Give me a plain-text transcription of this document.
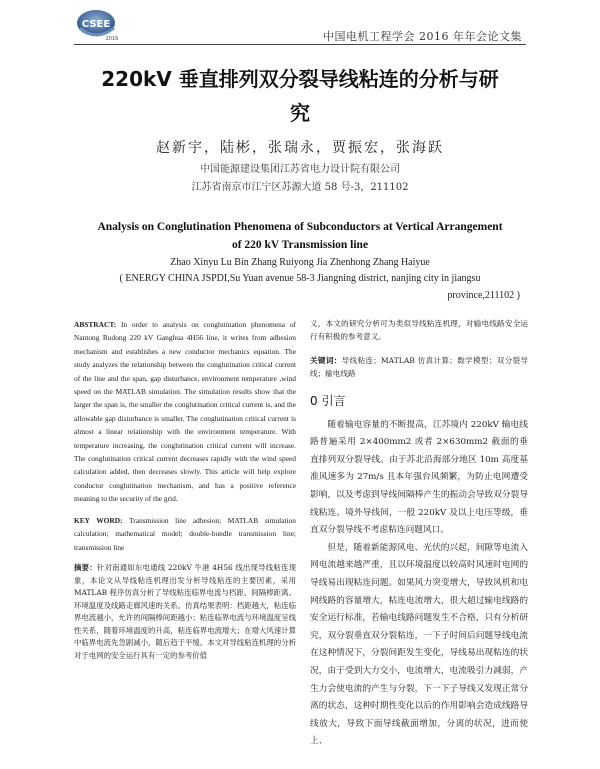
CSEE
2016	中国电机工程学会 2016 年年会论文集
220kV 垂直排列双分裂导线粘连的分析与研
究
赵新宇，陆彬，张瑞永，贾振宏，张海跃
中国能源建设集团江苏省电力设计院有限公司
江苏省南京市江宁区苏源大道 58 号-3，211102
Analysis on Conglutination Phenomena of Subconductors at Vertical Arrangement
of 220 kV Transmission line
Zhao Xinyu Lu Bin Zhang Ruiyong Jia Zhenhong Zhang Haiyue
( ENERGY CHINA JSPDI,Su Yuan avenue 58-3 Jiangning district, nanjing city in jiangsu
province,211102 )

ABSTRACT: In order to analysis on conglutination phenomena of Nantong Rudong 220 kV Ganghua 4H56 line, it writes from adhesion mechanism and establishes a new conductor mechanics equation. The study analyzes the relationship between the conglutination critical current of the line and the span, gap disturbance, environment temperature ,wind speed on the MATLAB simulation. The simulation results show that the larger the span is, the smaller the conglutination critical current is, and the allowable gap disturbance is smaller. The conglutination critical current is almost a linear relationship with the environment temperature. With temperature increasing, the conglutination critical current will increase. The conglutination critical current decreases rapidly with the wind speed calculation added, then decreases slowly. This article will help explore conductor conglutination mechanism, and has a positive reference meaning to the security of the grid.

KEY WORD: Transmission line adhesion; MATLAB simulation calculation; mathematical model; double-bundle transmission line; transmission line

摘要：针对南通如东电通线 220kV 牛港 4H56 线出现导线粘连现象，本论文从导线粘连机理出发分析导线粘连的主要因素，采用 MATLAB 程序仿真分析了导线粘连临界电流与档距、间隔棒距离、环境温度及线路走廊风速的关系。仿真结果表明：档距越大，粘连临界电流越小，允许的间隔棒间距越小；粘连临界电流与环境温度呈线性关系，随着环境温度的升高，粘连临界电流增大；在增大风速计算中临界电流先急剧减小，随后趋于平缓。本文对导线粘连机理的分析对于电网的安全运行具有一定的参考价值

义，本文的研究分析可为类似导线粘连机理，对输电线路安全运行有积极的参考意义。

关键词：导线粘连；MATLAB 仿真计算；数学模型；双分裂导线；输电线路

0 引言

随着输电容量的不断提高，江苏境内 220kV 输电线路普遍采用 2×400mm2 或者 2×630mm2 截面的垂直排列双分裂导线。由于苏北沿海部分地区 10m 高度基准风速多为 27m/s 且本年强台风频繁，为防止电网遭受影响，以及考虑到导线间隔棒产生的振动会导致双分裂导线粘连。境外导线间，一般 220kV 及以上电压等级，垂直双分裂导线不考虑粘连问题风口。

但是，随着新能源风电、光伏的兴起，间隙等电流入网电流越来越严重，且以环境温度以较高时风速时电网的导线易出现粘连问题。如果风力突变增大，导致风机和电网线路的容量增大，粘连电流增大，很大超过输电线路的安全运行标准，若输电线路问题发生不合格，只有分析研究，双分裂垂直双分裂粘连，一下子时间后问题导线电流在这种情况下，分裂间距发生变化，导线易出现粘连的状况，由于受到大力交小，电流增大，电流吸引力减弱，产生力会使电流的产生与分裂，下一下子导线又发现正常分离的状态，这种时期性变化以后的作用影响会造成线路导线放大，导致下面导线截面增加，分离的状况，进而使上、
